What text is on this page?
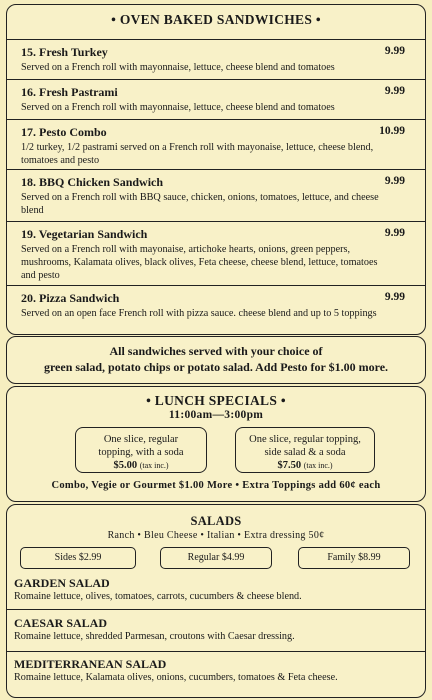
• OVEN BAKED SANDWICHES •
15. Fresh Turkey	9.99
Served on a French roll with mayonnaise, lettuce, cheese blend and tomatoes
16. Fresh Pastrami	9.99
Served on a French roll with mayonnaise, lettuce, cheese blend and tomatoes
17. Pesto Combo	10.99
1/2 turkey, 1/2 pastrami served on a French roll with mayonaise, lettuce, cheese blend, tomatoes and pesto
18. BBQ Chicken Sandwich	9.99
Served on a French roll with BBQ sauce, chicken, onions, tomatoes, lettuce, and cheese blend
19. Vegetarian Sandwich	9.99
Served on a French roll with mayonaise, artichoke hearts, onions, green peppers, mushrooms, Kalamata olives, black olives, Feta cheese, cheese blend, lettuce, tomatoes and pesto
20. Pizza Sandwich	9.99
Served on an open face French roll with pizza sauce. cheese blend and up to 5 toppings
All sandwiches served with your choice of
green salad, potato chips or potato salad. Add Pesto for $1.00 more.
• LUNCH SPECIALS •
11:00am—3:00pm
One slice, regular
topping, with a soda
$5.00 (tax inc.)
One slice, regular topping,
side salad & a soda
$7.50 (tax inc.)
Combo, Vegie or Gourmet $1.00 More • Extra Toppings add 60¢ each
SALADS
Ranch • Bleu Cheese • Italian • Extra dressing 50¢
Sides $2.99	Regular $4.99	Family $8.99
GARDEN SALAD
Romaine lettuce, olives, tomatoes, carrots, cucumbers & cheese blend.
CAESAR SALAD
Romaine lettuce, shredded Parmesan, croutons with Caesar dressing.
MEDITERRANEAN SALAD
Romaine lettuce, Kalamata olives, onions, cucumbers, tomatoes & Feta cheese.
